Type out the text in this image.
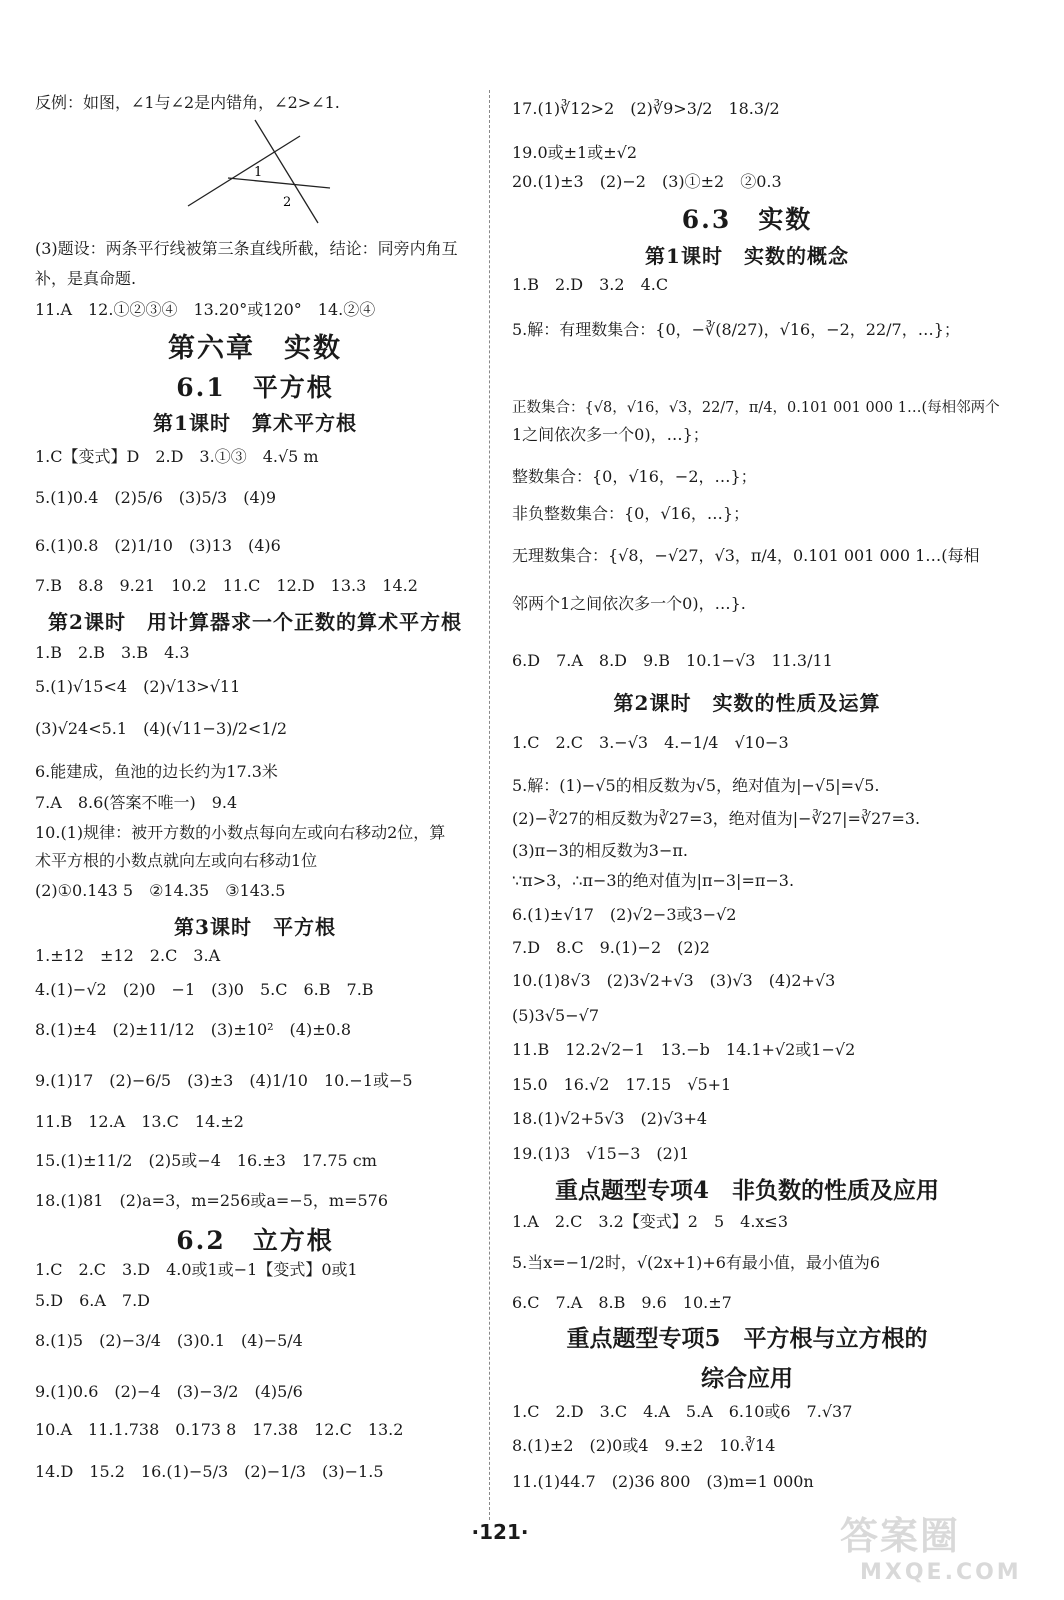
反例：如图，∠1与∠2是内错角，∠2>∠1.
1
2
(3)题设：两条平行线被第三条直线所截，结论：同旁内角互
补，是真命题.
11.A　12.①②③④　13.20°或120°　14.②④
第六章　实数
6.1　平方根
第1课时　算术平方根
1.C【变式】D　2.D　3.①③　4.√5 m
5.(1)0.4　(2)5/6　(3)5/3　(4)9
6.(1)0.8　(2)1/10　(3)13　(4)6
7.B　8.8　9.21　10.2　11.C　12.D　13.3　14.2
第2课时　用计算器求一个正数的算术平方根
1.B　2.B　3.B　4.3
5.(1)√15<4　(2)√13>√11
(3)√24<5.1　(4)(√11−3)/2<1/2
6.能建成，鱼池的边长约为17.3米
7.A　8.6(答案不唯一)　9.4
10.(1)规律：被开方数的小数点每向左或向右移动2位，算
术平方根的小数点就向左或向右移动1位
(2)①0.143 5　②14.35　③143.5
第3课时　平方根
1.±12　±12　2.C　3.A
4.(1)−√2　(2)0　−1　(3)0　5.C　6.B　7.B
8.(1)±4　(2)±11/12　(3)±10²　(4)±0.8
9.(1)17　(2)−6/5　(3)±3　(4)1/10　10.−1或−5
11.B　12.A　13.C　14.±2
15.(1)±11/2　(2)5或−4　16.±3　17.75 cm
18.(1)81　(2)a=3，m=256或a=−5，m=576
6.2　立方根
1.C　2.C　3.D　4.0或1或−1【变式】0或1
5.D　6.A　7.D
8.(1)5　(2)−3/4　(3)0.1　(4)−5/4
9.(1)0.6　(2)−4　(3)−3/2　(4)5/6
10.A　11.1.738　0.173 8　17.38　12.C　13.2
14.D　15.2　16.(1)−5/3　(2)−1/3　(3)−1.5
17.(1)∛12>2　(2)∛9>3/2　18.3/2
19.0或±1或±√2
20.(1)±3　(2)−2　(3)①±2　②0.3
6.3　实数
第1课时　实数的概念
1.B　2.D　3.2　4.C
5.解：有理数集合：{0，−∛(8/27)，√16，−2，22/7，…}；
正数集合：{√8，√16，√3，22/7，π/4，0.101 001 000 1…(每相邻两个
1之间依次多一个0)，…}；
整数集合：{0，√16，−2，…}；
非负整数集合：{0，√16，…}；
无理数集合：{√8，−√27，√3，π/4，0.101 001 000 1…(每相
邻两个1之间依次多一个0)，…}.
6.D　7.A　8.D　9.B　10.1−√3　11.3/11
第2课时　实数的性质及运算
1.C　2.C　3.−√3　4.−1/4　√10−3
5.解：(1)−√5的相反数为√5，绝对值为|−√5|=√5.
(2)−∛27的相反数为∛27=3，绝对值为|−∛27|=∛27=3.
(3)π−3的相反数为3−π.
∵π>3，∴π−3的绝对值为|π−3|=π−3.
6.(1)±√17　(2)√2−3或3−√2
7.D　8.C　9.(1)−2　(2)2
10.(1)8√3　(2)3√2+√3　(3)√3　(4)2+√3
(5)3√5−√7
11.B　12.2√2−1　13.−b　14.1+√2或1−√2
15.0　16.√2　17.15　√5+1
18.(1)√2+5√3　(2)√3+4
19.(1)3　√15−3　(2)1
重点题型专项4　非负数的性质及应用
1.A　2.C　3.2【变式】2　5　4.x≤3
5.当x=−1/2时，√(2x+1)+6有最小值，最小值为6
6.C　7.A　8.B　9.6　10.±7
重点题型专项5　平方根与立方根的
综合应用
1.C　2.D　3.C　4.A　5.A　6.10或6　7.√37
8.(1)±2　(2)0或4　9.±2　10.∛14
11.(1)44.7　(2)36 800　(3)m=1 000n
·121·	答案圈
MXQE.COM
